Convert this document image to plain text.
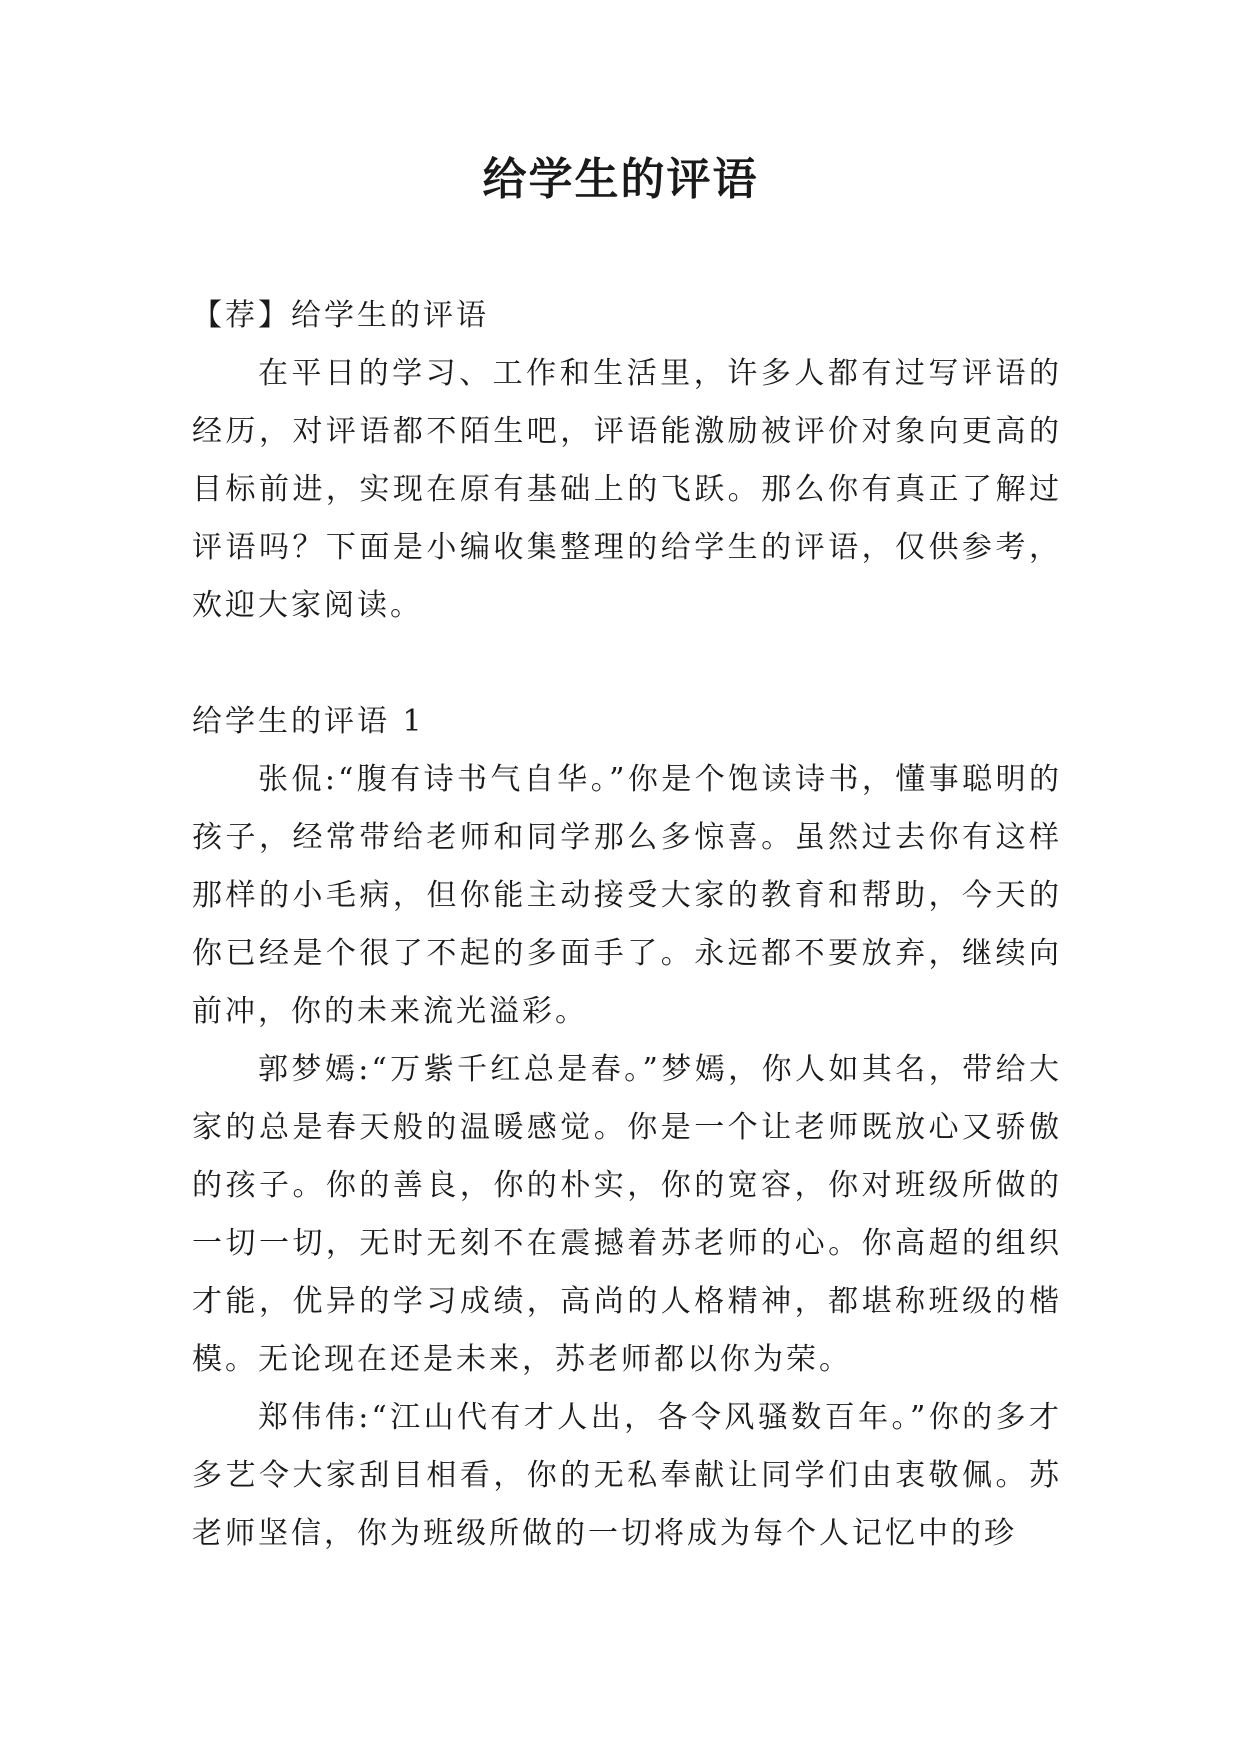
给学生的评语

【荐】给学生的评语

在平日的学习、工作和生活里，许多人都有过写评语的经历，对评语都不陌生吧，评语能激励被评价对象向更高的目标前进，实现在原有基础上的飞跃。那么你有真正了解过评语吗？下面是小编收集整理的给学生的评语，仅供参考，欢迎大家阅读。

给学生的评语 1

张侃:“腹有诗书气自华。”你是个饱读诗书，懂事聪明的孩子，经常带给老师和同学那么多惊喜。虽然过去你有这样那样的小毛病，但你能主动接受大家的教育和帮助，今天的你已经是个很了不起的多面手了。永远都不要放弃，继续向前冲，你的未来流光溢彩。

郭梦嫣:“万紫千红总是春。”梦嫣，你人如其名，带给大家的总是春天般的温暖感觉。你是一个让老师既放心又骄傲的孩子。你的善良，你的朴实，你的宽容，你对班级所做的一切一切，无时无刻不在震撼着苏老师的心。你高超的组织才能，优异的学习成绩，高尚的人格精神，都堪称班级的楷模。无论现在还是未来，苏老师都以你为荣。

郑伟伟:“江山代有才人出，各令风骚数百年。”你的多才多艺令大家刮目相看，你的无私奉献让同学们由衷敬佩。苏老师坚信，你为班级所做的一切将成为每个人记忆中的珍
